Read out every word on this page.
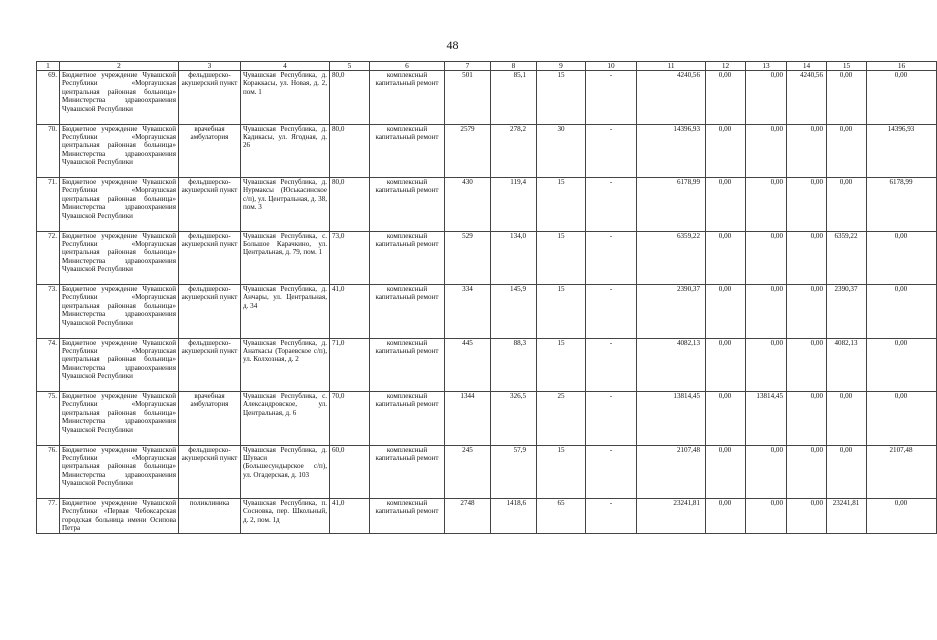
48
1	2	3	4	5	6	7	8	9	10	11	12	13	14	15	16
69.	Бюджетное учреждение Чувашской Республики «Моргаушская центральная районная больница» Министерства здравоохранения Чувашской Республики	фельдшерско-акушерский пункт	Чувашская Республика, д. Кораккасы, ул. Новая, д. 2, пом. 1	80,0	комплексный капитальный ремонт	501	85,1	15	-	4240,56	0,00	0,00	4240,56	0,00	0,00
70.	Бюджетное учреждение Чувашской Республики «Моргаушская центральная районная больница» Министерства здравоохранения Чувашской Республики	врачебная амбулатория	Чувашская Республика, д. Кадикасы, ул. Ягодная, д. 26	80,0	комплексный капитальный ремонт	2579	278,2	30	-	14396,93	0,00	0,00	0,00	0,00	14396,93
71.	Бюджетное учреждение Чувашской Республики «Моргаушская центральная районная больница» Министерства здравоохранения Чувашской Республики	фельдшерско-акушерский пункт	Чувашская Республика, д. Нурмаксы (Юськасинское с/п), ул. Центральная, д. 38, пом. 3	80,0	комплексный капитальный ремонт	430	119,4	15	-	6178,99	0,00	0,00	0,00	0,00	6178,99
72.	Бюджетное учреждение Чувашской Республики «Моргаушская центральная районная больница» Министерства здравоохранения Чувашской Республики	фельдшерско-акушерский пункт	Чувашская Республика, с. Большое Карачкино, ул. Центральная, д. 79, пом. 1	73,0	комплексный капитальный ремонт	529	134,0	15	-	6359,22	0,00	0,00	0,00	6359,22	0,00
73.	Бюджетное учреждение Чувашской Республики «Моргаушская центральная районная больница» Министерства здравоохранения Чувашской Республики	фельдшерско-акушерский пункт	Чувашская Республика, д. Анчары, ул. Центральная, д. 34	41,0	комплексный капитальный ремонт	334	145,9	15	-	2390,37	0,00	0,00	0,00	2390,37	0,00
74.	Бюджетное учреждение Чувашской Республики «Моргаушская центральная районная больница» Министерства здравоохранения Чувашской Республики	фельдшерско-акушерский пункт	Чувашская Республика, д. Анаткасы (Тораевское с/п), ул. Колхозная, д. 2	71,0	комплексный капитальный ремонт	445	88,3	15	-	4082,13	0,00	0,00	0,00	4082,13	0,00
75.	Бюджетное учреждение Чувашской Республики «Моргаушская центральная районная больница» Министерства здравоохранения Чувашской Республики	врачебная амбулатория	Чувашская Республика, с. Александровское, ул. Центральная, д. 6	70,0	комплексный капитальный ремонт	1344	326,5	25	-	13814,45	0,00	13814,45	0,00	0,00	0,00
76.	Бюджетное учреждение Чувашской Республики «Моргаушская центральная районная больница» Министерства здравоохранения Чувашской Республики	фельдшерско-акушерский пункт	Чувашская Республика, д. Шуваси (Большесундырское с/п), ул. Огадерская, д. 103	60,0	комплексный капитальный ремонт	245	57,9	15	-	2107,48	0,00	0,00	0,00	0,00	2107,48
77.	Бюджетное учреждение Чувашской Республики «Первая Чебоксарская городская больница имени Осипова Петра	поликлиника	Чувашская Республика, п. Сосновка, пер. Школьный, д. 2, пом. 1д	41,0	комплексный капитальный ремонт	2748	1418,6	65	-	23241,81	0,00	0,00	0,00	23241,81	0,00
